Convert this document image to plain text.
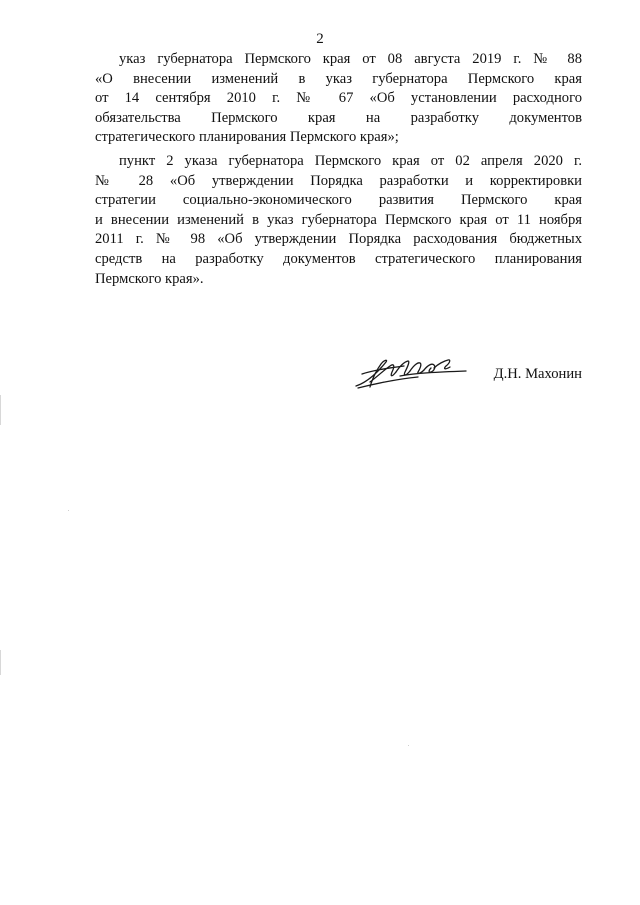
2
указ губернатора Пермского края от 08 августа 2019 г. № 88
«О внесении изменений в указ губернатора Пермского края
от 14 сентября 2010 г. № 67 «Об установлении расходного
обязательства Пермского края на разработку документов
стратегического планирования Пермского края»;
пункт 2 указа губернатора Пермского края от 02 апреля 2020 г.
№ 28 «Об утверждении Порядка разработки и корректировки
стратегии социально-экономического развития Пермского края
и внесении изменений в указ губернатора Пермского края от 11 ноября
2011 г. № 98 «Об утверждении Порядка расходования бюджетных
средств на разработку документов стратегического планирования
Пермского края».
Д.Н. Махонин
